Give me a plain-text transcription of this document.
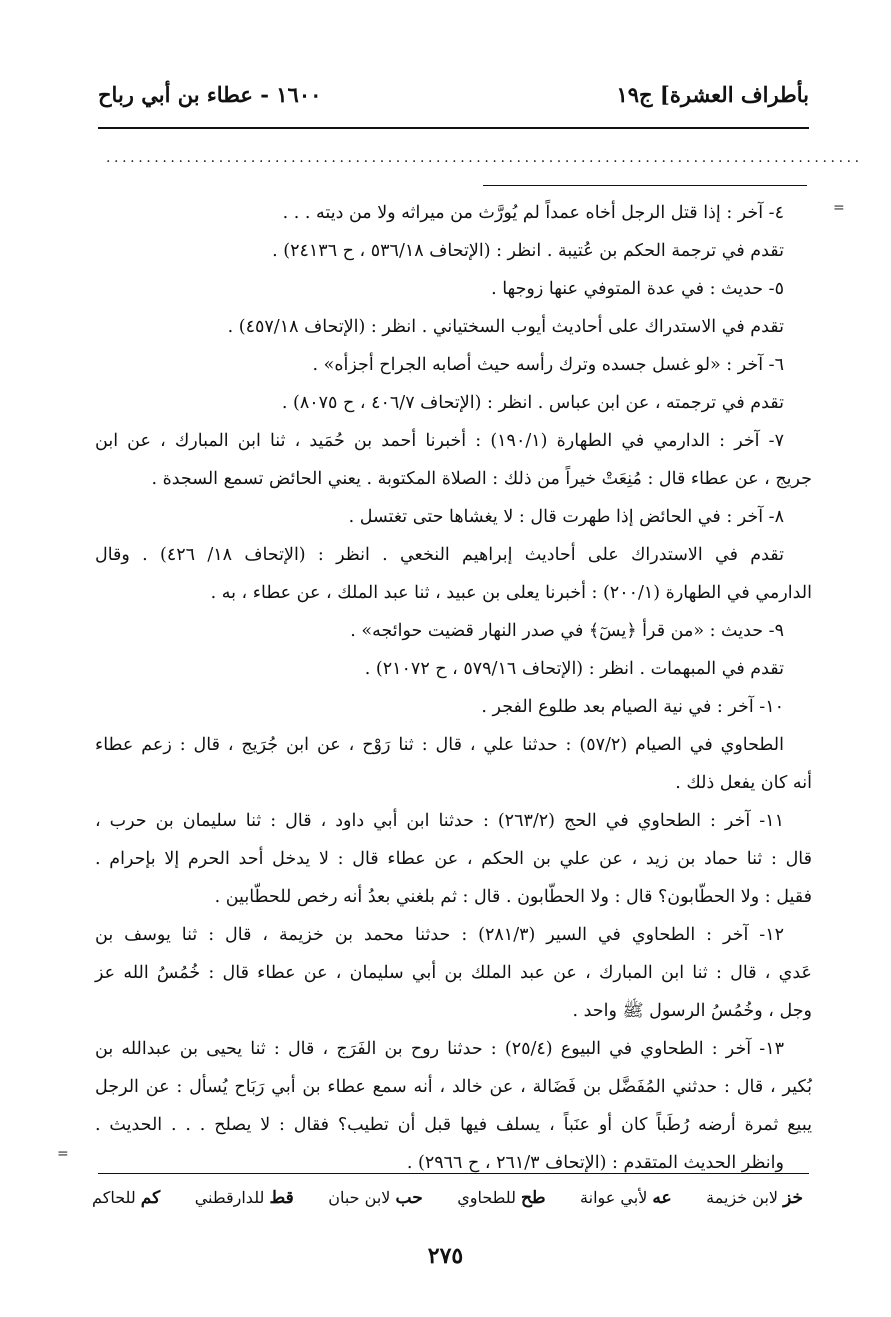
بأطراف العشرة] ج١٩
١٦٠٠ - عطاء بن أبي رباح
..............................................................................................
=
=
٤- آخر : إذا قتل الرجل أخاه عمداً لم يُورَّث من ميراثه ولا من ديته . . .
تقدم في ترجمة الحكم بن عُتيبة . انظر : (الإتحاف ٥٣٦/١٨ ، ح ٢٤١٣٦) .
٥- حديث : في عدة المتوفي عنها زوجها .
تقدم في الاستدراك على أحاديث أيوب السختياني . انظر : (الإتحاف ٤٥٧/١٨) .
٦- آخر : «لو غسل جسده وترك رأسه حيث أصابه الجراح أجزأه» .
تقدم في ترجمته ، عن ابن عباس . انظر : (الإتحاف ٤٠٦/٧ ، ح ٨٠٧٥) .
٧- آخر : الدارمي في الطهارة (١٩٠/١) : أخبرنا أحمد بن حُمَيد ، ثنا ابن المبارك ، عن ابن
جريج ، عن عطاء قال : مُنِعَتْ خيراً من ذلك : الصلاة المكتوبة . يعني الحائض تسمع السجدة .
٨- آخر : في الحائض إذا طهرت قال : لا يغشاها حتى تغتسل .
تقدم في الاستدراك على أحاديث إبراهيم النخعي . انظر : (الإتحاف ١٨/ ٤٢٦) . وقال
الدارمي في الطهارة (٢٠٠/١) : أخبرنا يعلى بن عبيد ، ثنا عبد الملك ، عن عطاء ، به .
٩- حديث : «من قرأ ﴿يسٓ﴾ في صدر النهار قضيت حوائجه» .
تقدم في المبهمات . انظر : (الإتحاف ٥٧٩/١٦ ، ح ٢١٠٧٢) .
١٠- آخر : في نية الصيام بعد طلوع الفجر .
الطحاوي في الصيام (٥٧/٢) : حدثنا علي ، قال : ثنا رَوْح ، عن ابن جُرَيج ، قال : زعم عطاء
أنه كان يفعل ذلك .
١١- آخر : الطحاوي في الحج (٢٦٣/٢) : حدثنا ابن أبي داود ، قال : ثنا سليمان بن حرب ،
قال : ثنا حماد بن زيد ، عن علي بن الحكم ، عن عطاء قال : لا يدخل أحد الحرم إلا بإحرام .
فقيل : ولا الحطّابون؟ قال : ولا الحطّابون . قال : ثم بلغني بعدُ أنه رخص للحطّابين .
١٢- آخر : الطحاوي في السير (٢٨١/٣) : حدثنا محمد بن خزيمة ، قال : ثنا يوسف بن
عَدي ، قال : ثنا ابن المبارك ، عن عبد الملك بن أبي سليمان ، عن عطاء قال : خُمُسُ الله عز
وجل ، وخُمُسُ الرسول ﷺ واحد .
١٣- آخر : الطحاوي في البيوع (٢٥/٤) : حدثنا روح بن الفَرَج ، قال : ثنا يحيى بن عبدالله بن
بُكير ، قال : حدثني المُفَضَّل بن فَضَالة ، عن خالد ، أنه سمع عطاء بن أبي رَبَاح يُسأل : عن الرجل
يبيع ثمرة أرضه رُطَباً كان أو عنَباً ، يسلف فيها قبل أن تطيب؟ فقال : لا يصلح . . . الحديث .
وانظر الحديث المتقدم : (الإتحاف ٢٦١/٣ ، ح ٢٩٦٦) .
خز لابن خزيمة
عه لأبي عوانة
طح للطحاوي
حب لابن حبان
قط للدارقطني
كم للحاكم
٢٧٥
